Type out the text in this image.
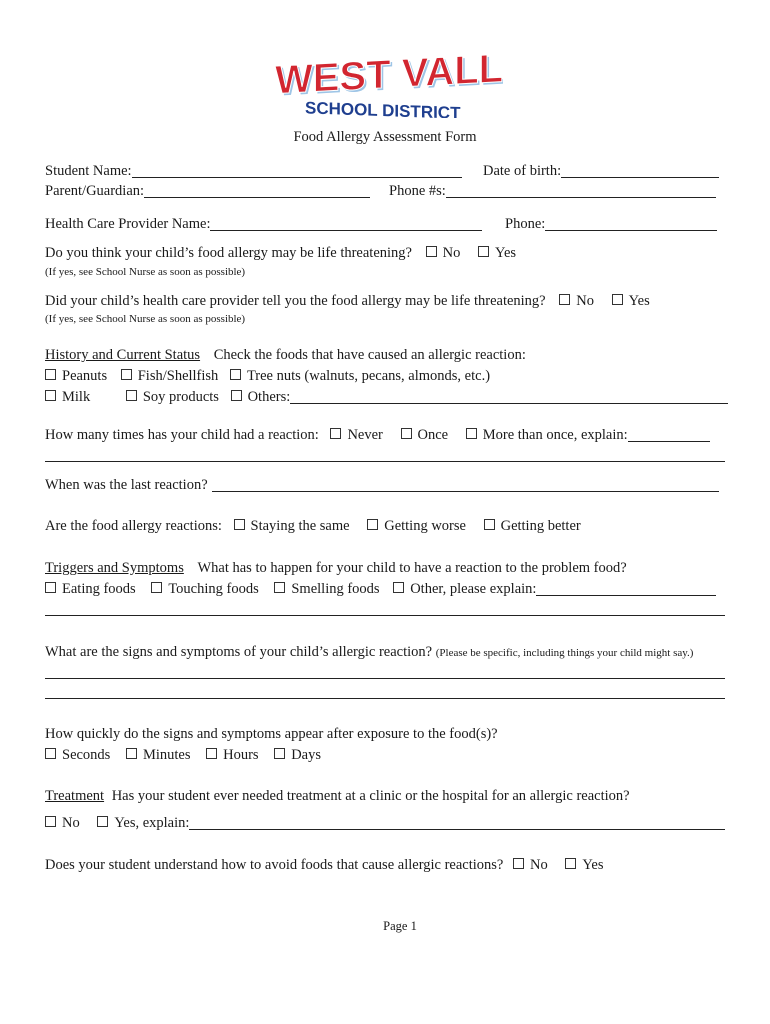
WEST VALLEY
WEST VALLEY
SCHOOL DISTRICT
Food Allergy Assessment Form
Student Name:	Date of birth:
Parent/Guardian:	Phone #s:
Health Care Provider Name:	Phone:
Do you think your child’s food allergy may be life threatening? No Yes
(If yes, see School Nurse as soon as possible)
Did your child’s health care provider tell you the food allergy may be life threatening? No Yes
(If yes, see School Nurse as soon as possible)
History and Current Status Check the foods that have caused an allergic reaction:
Peanuts Fish/Shellfish Tree nuts (walnuts, pecans, almonds, etc.)
Milk	Soy products Others:
How many times has your child had a reaction: Never Once More than once, explain:
When was the last reaction?
Are the food allergy reactions: Staying the same Getting worse Getting better
Triggers and Symptoms What has to happen for your child to have a reaction to the problem food?
Eating foods Touching foods Smelling foods Other, please explain:
What are the signs and symptoms of your child’s allergic reaction? (Please be specific, including things your child might say.)
How quickly do the signs and symptoms appear after exposure to the food(s)?
Seconds Minutes Hours Days
Treatment Has your student ever needed treatment at a clinic or the hospital for an allergic reaction?
No Yes, explain:
Does your student understand how to avoid foods that cause allergic reactions? No Yes
Page 1
